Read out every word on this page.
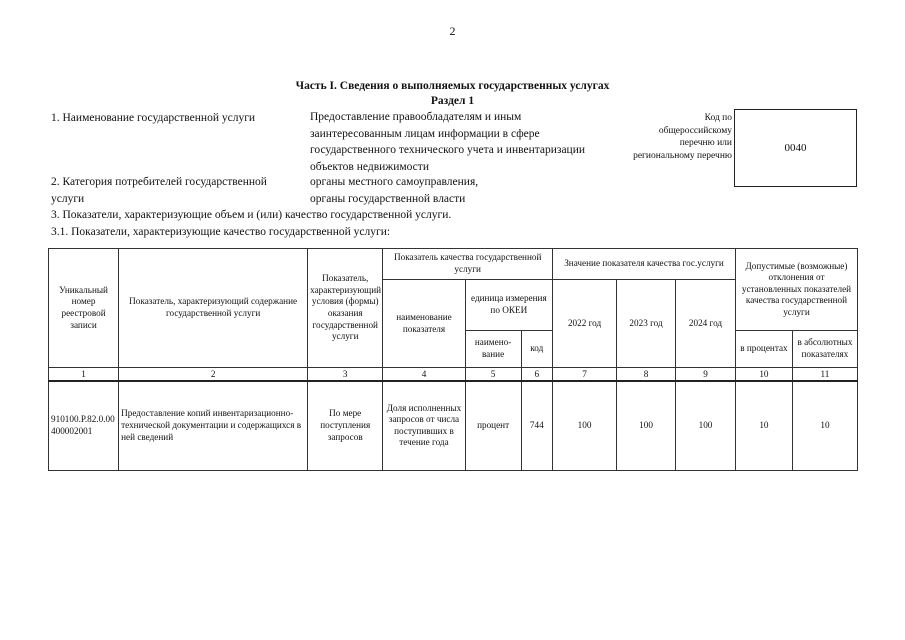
2
Часть I. Сведения о выполняемых государственных услугах
Раздел 1
1. Наименование государственной услуги	Предоставление правообладателям и иным
заинтересованным лицам информации в сфере
государственного технического учета и инвентаризации
объектов недвижимости
Код по
общероссийскому
перечню или
региональному перечню
0040
2. Категория потребителей государственной
услуги
органы местного самоуправления,
органы государственной власти
3. Показатели, характеризующие объем и (или) качество государственной услуги.
3.1. Показатели, характеризующие качество государственной услуги:
Уникальный номер реестровой записи	Показатель, характеризующий содержание государственной услуги	Показатель, характеризующий условия (формы) оказания государственной услуги	Показатель качества государственной услуги			Значение показателя качества гос.услуги			Допустимые (возможные) отклонения от установленных показателей качества государственной услуги	
			наименование показателя	единица измерения по ОКЕИ		2022 год	2023 год	2024 год		
				наимено-вание	код				в процентах	в абсолютных показателях
1	2	3	4	5	6	7	8	9	10	11
910100.Р.82.0.00400002001	Предоставление копий инвентаризационно-технической документации и содержащихся в ней сведений	По мере поступления запросов	Доля исполненных запросов от числа поступивших в течение года	процент	744	100	100	100	10	10
